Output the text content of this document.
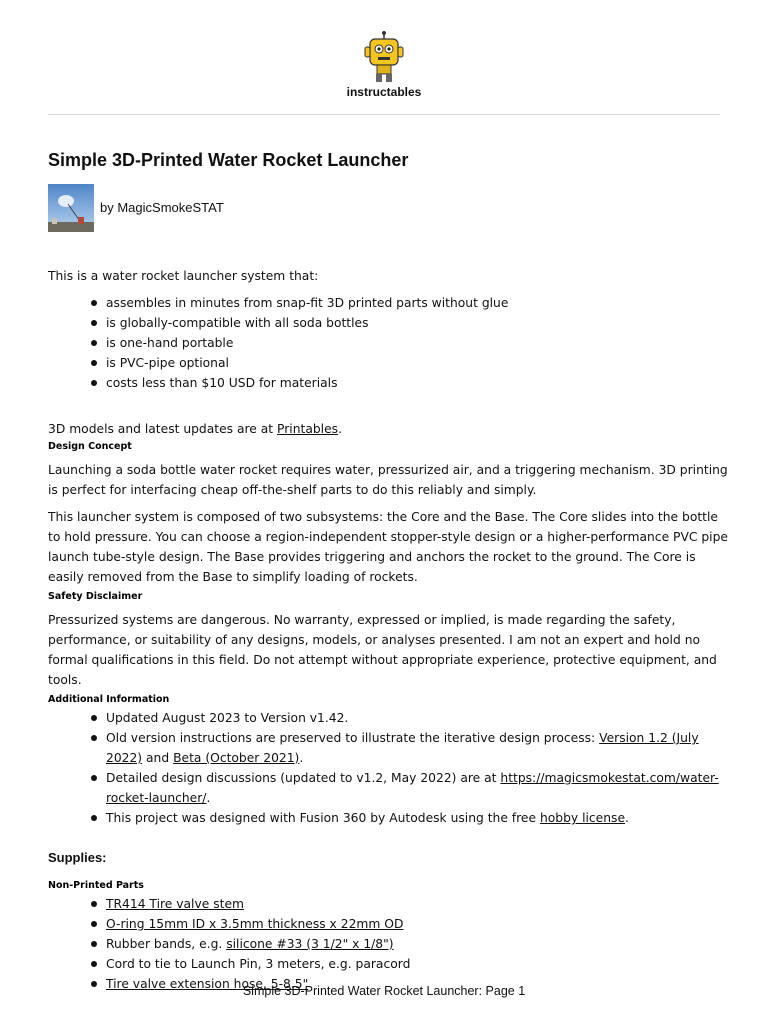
instructables
Simple 3D-Printed Water Rocket Launcher
by MagicSmokeSTAT

This is a water rocket launcher system that:

assembles in minutes from snap-fit 3D printed parts without glue
is globally-compatible with all soda bottles
is one-hand portable
is PVC-pipe optional
costs less than $10 USD for materials

3D models and latest updates are at Printables.

Design Concept

Launching a soda bottle water rocket requires water, pressurized air, and a triggering mechanism. 3D printing is perfect for interfacing cheap off-the-shelf parts to do this reliably and simply.

This launcher system is composed of two subsystems: the Core and the Base. The Core slides into the bottle to hold pressure. You can choose a region-independent stopper-style design or a higher-performance PVC pipe launch tube-style design. The Base provides triggering and anchors the rocket to the ground. The Core is easily removed from the Base to simplify loading of rockets.

Safety Disclaimer

Pressurized systems are dangerous. No warranty, expressed or implied, is made regarding the safety, performance, or suitability of any designs, models, or analyses presented. I am not an expert and hold no formal qualifications in this field. Do not attempt without appropriate experience, protective equipment, and tools.

Additional Information
Updated August 2023 to Version v1.42.
Old version instructions are preserved to illustrate the iterative design process: Version 1.2 (July 2022) and Beta (October 2021).
Detailed design discussions (updated to v1.2, May 2022) are at https://magicsmokestat.com/water-rocket-launcher/.
This project was designed with Fusion 360 by Autodesk using the free hobby license.
Supplies:
Non-Printed Parts
TR414 Tire valve stem
O-ring 15mm ID x 3.5mm thickness x 22mm OD
Rubber bands, e.g. silicone #33 (3 1/2" x 1/8")
Cord to tie to Launch Pin, 3 meters, e.g. paracord
Tire valve extension hose, 5-8.5"
Simple 3D-Printed Water Rocket Launcher: Page 1
